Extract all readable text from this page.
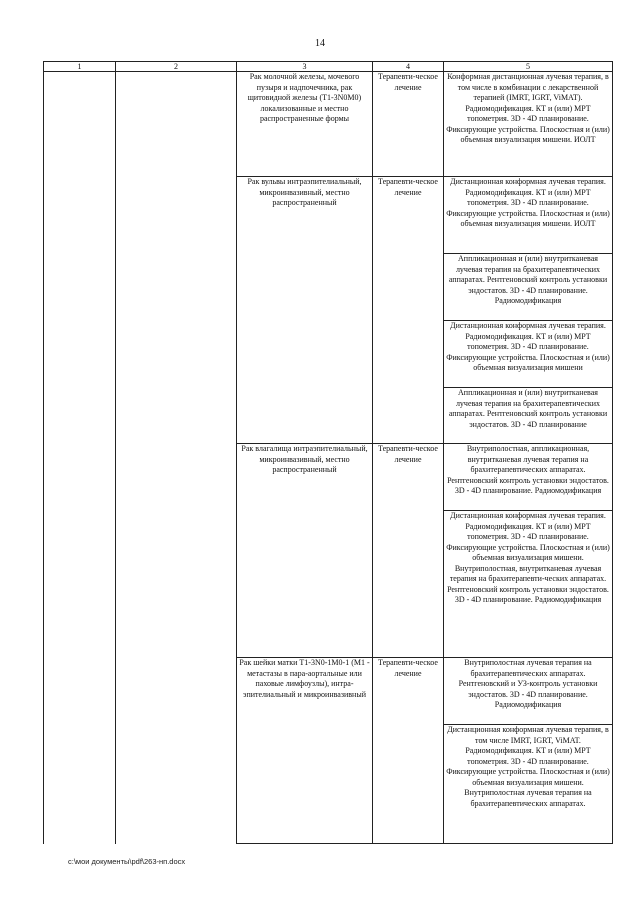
14
1	2	3	4	5
		Рак молочной железы, мочевого пузыря и надпочечника, рак щитовидной железы (T1-3N0M0) локализованные и местно распространенные формы	Терапевти-ческое лечение	Конформная дистанционная лучевая терапия, в том числе в комбинации с лекарственной терапией (IMRT, IGRT, ViMAT). Радиомодификация. КТ и (или) МРТ топометрия. 3D - 4D планирование. Фиксирующие устройства. Плоскостная и (или) объемная визуализация мишени. ИОЛТ
		Рак вульвы интраэпителиальный, микроинвазивный, местно распространенный	Терапевти-ческое лечение	Дистанционная конформная лучевая терапия. Радиомодификация. КТ и (или) МРТ топометрия. 3D - 4D планирование. Фиксирующие устройства. Плоскостная и (или) объемная визуализация мишени. ИОЛТ
				Аппликационная и (или) внутритканевая лучевая терапия на брахитерапевтических аппаратах. Рентгеновский контроль установки эндостатов. 3D - 4D планирование. Радиомодификация
				Дистанционная конформная лучевая терапия. Радиомодификация. КТ и (или) МРТ топометрия. 3D - 4D планирование. Фиксирующие устройства. Плоскостная и (или) объемная визуализация мишени
				Аппликационная и (или) внутритканевая лучевая терапия на брахитерапевтических аппаратах. Рентгеновский контроль установки эндостатов. 3D - 4D планирование
		Рак влагалища интраэпителиальный, микроинвазивный, местно распространенный	Терапевти-ческое лечение	Внутриполостная, аппликационная, внутритканевая лучевая терапия на брахитерапевтических аппаратах. Рентгеновский контроль установки эндостатов. 3D - 4D планирование. Радиомодификация
				Дистанционная конформная лучевая терапия. Радиомодификация. КТ и (или) МРТ топометрия. 3D - 4D планирование. Фиксирующие устройства. Плоскостная и (или) объемная визуализация мишени. Внутриполостная, внутритканевая лучевая терапия на брахитерапевти-ческих аппаратах. Рентгеновский контроль установки эндостатов. 3D - 4D планирование. Радиомодификация
		Рак шейки матки T1-3N0-1M0-1 (M1 - метастазы в пара-аортальные или паховые лимфоузлы), интра-эпителиальный и микроинвазивный	Терапевти-ческое лечение	Внутриполостная лучевая терапия на брахитерапевтических аппаратах. Рентгеновский и УЗ-контроль установки эндостатов. 3D - 4D планирование. Радиомодификация
				Дистанционная конформная лучевая терапия, в том числе IMRT, IGRT, ViMAT. Радиомодификация. КТ и (или) МРТ топометрия. 3D - 4D планирование. Фиксирующие устройства. Плоскостная и (или) объемная визуализация мишени. Внутриполостная лучевая терапия на брахитерапевтических аппаратах.
c:\мои документы\pdf\263-нп.docx
